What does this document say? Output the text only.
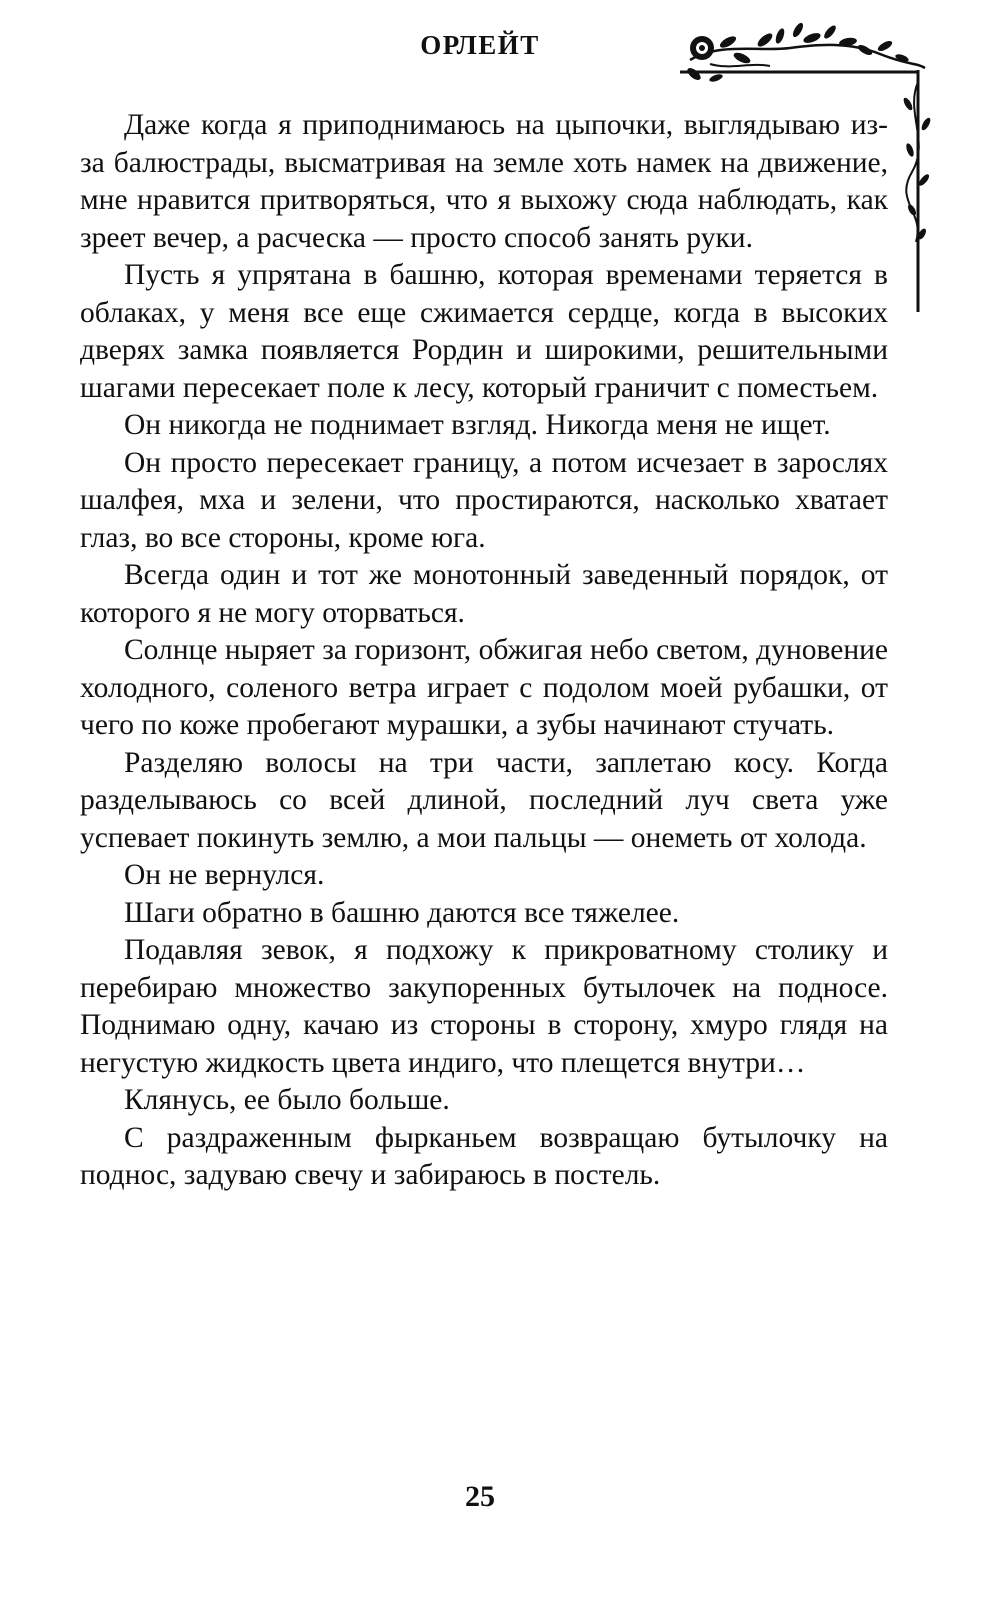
ОРЛЕЙТ

Даже когда я приподнимаюсь на цыпочки, выглядываю из-за балюстрады, высматривая на земле хоть намек на движение, мне нравится притворяться, что я выхожу сюда наблюдать, как зреет вечер, а расческа — просто способ занять руки.

Пусть я упрятана в башню, которая временами теряется в облаках, у меня все еще сжимается сердце, когда в высоких дверях замка появляется Рордин и широкими, решительными шагами пересекает поле к лесу, который граничит с поместьем.

Он никогда не поднимает взгляд. Никогда меня не ищет.

Он просто пересекает границу, а потом исчезает в зарослях шалфея, мха и зелени, что простираются, насколько хватает глаз, во все стороны, кроме юга.

Всегда один и тот же монотонный заведенный порядок, от которого я не могу оторваться.

Солнце ныряет за горизонт, обжигая небо светом, дуновение холодного, соленого ветра играет с подолом моей рубашки, от чего по коже пробегают мурашки, а зубы начинают стучать.

Разделяю волосы на три части, заплетаю косу. Когда разделываюсь со всей длиной, последний луч света уже успевает покинуть землю, а мои пальцы — онеметь от холода.

Он не вернулся.

Шаги обратно в башню даются все тяжелее.

Подавляя зевок, я подхожу к прикроватному столику и перебираю множество закупоренных бутылочек на подносе. Поднимаю одну, качаю из стороны в сторону, хмуро глядя на негустую жидкость цвета индиго, что плещется внутри…

Клянусь, ее было больше.

С раздраженным фырканьем возвращаю бутылочку на поднос, задуваю свечу и забираюсь в постель.

25
